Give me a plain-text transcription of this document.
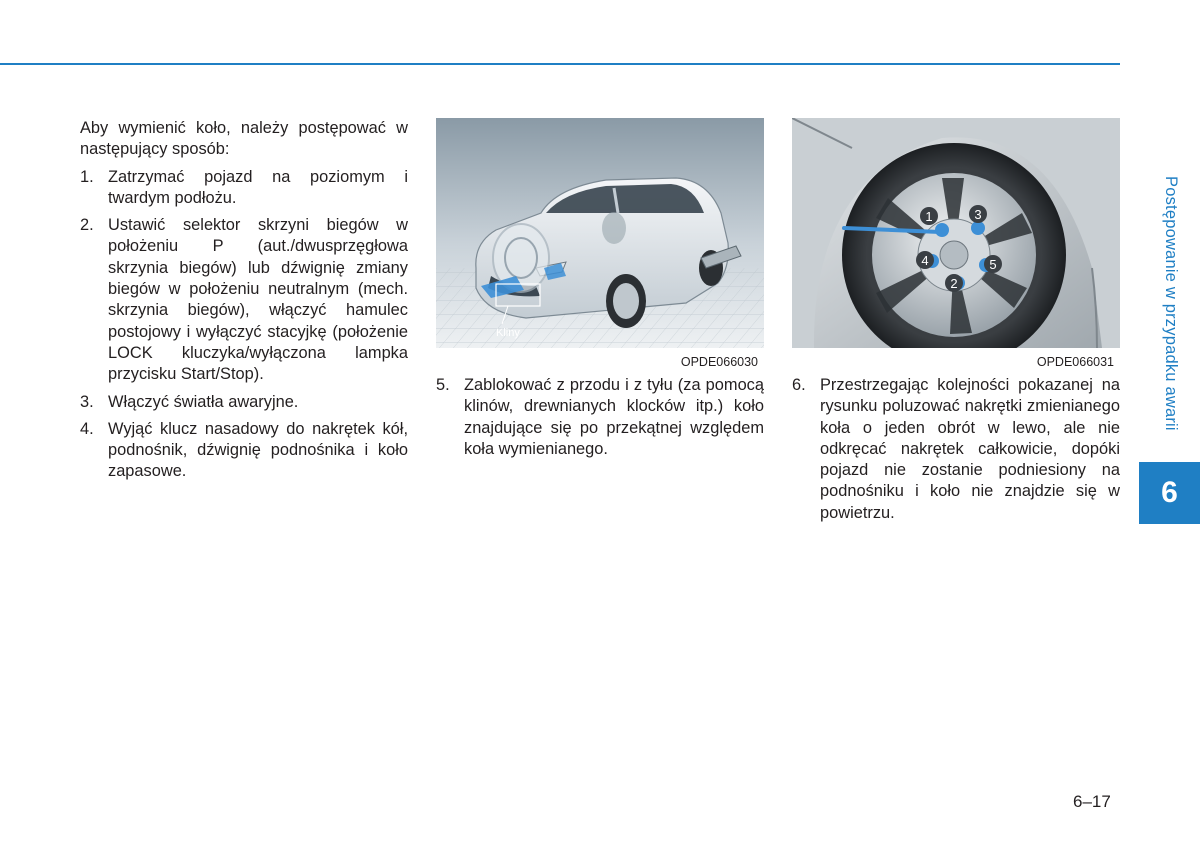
Aby wymienić koło, należy postępować w następujący sposób:

1. Zatrzymać pojazd na poziomym i twardym podłożu.
2. Ustawić selektor skrzyni biegów w położeniu P (aut./dwusprzęgłowa skrzynia biegów) lub dźwignię zmiany biegów w położeniu neutralnym (mech. skrzynia biegów), włączyć hamulec postojowy i wyłączyć stacyjkę (położenie LOCK kluczyka/wyłączona lampka przycisku Start/Stop).
3. Włączyć światła awaryjne.
4. Wyjąć klucz nasadowy do nakrętek kół, podnośnik, dźwignię podnośnika i koło zapasowe.
Kliny
OPDE066030
5. Zablokować z przodu i z tyłu (za pomocą klinów, drewnianych klocków itp.) koło znajdujące się po przekątnej względem koła wymienianego.
1
2
3
4	5
OPDE066031
6. Przestrzegając kolejności pokazanej na rysunku poluzować nakrętki zmienianego koła o jeden obrót w lewo, ale nie odkręcać nakrętek całkowicie, dopóki pojazd nie zostanie podniesiony na podnośniku i koło nie znajdzie się w powietrzu.
Postępowanie w przypadku awarii
6
6–17
